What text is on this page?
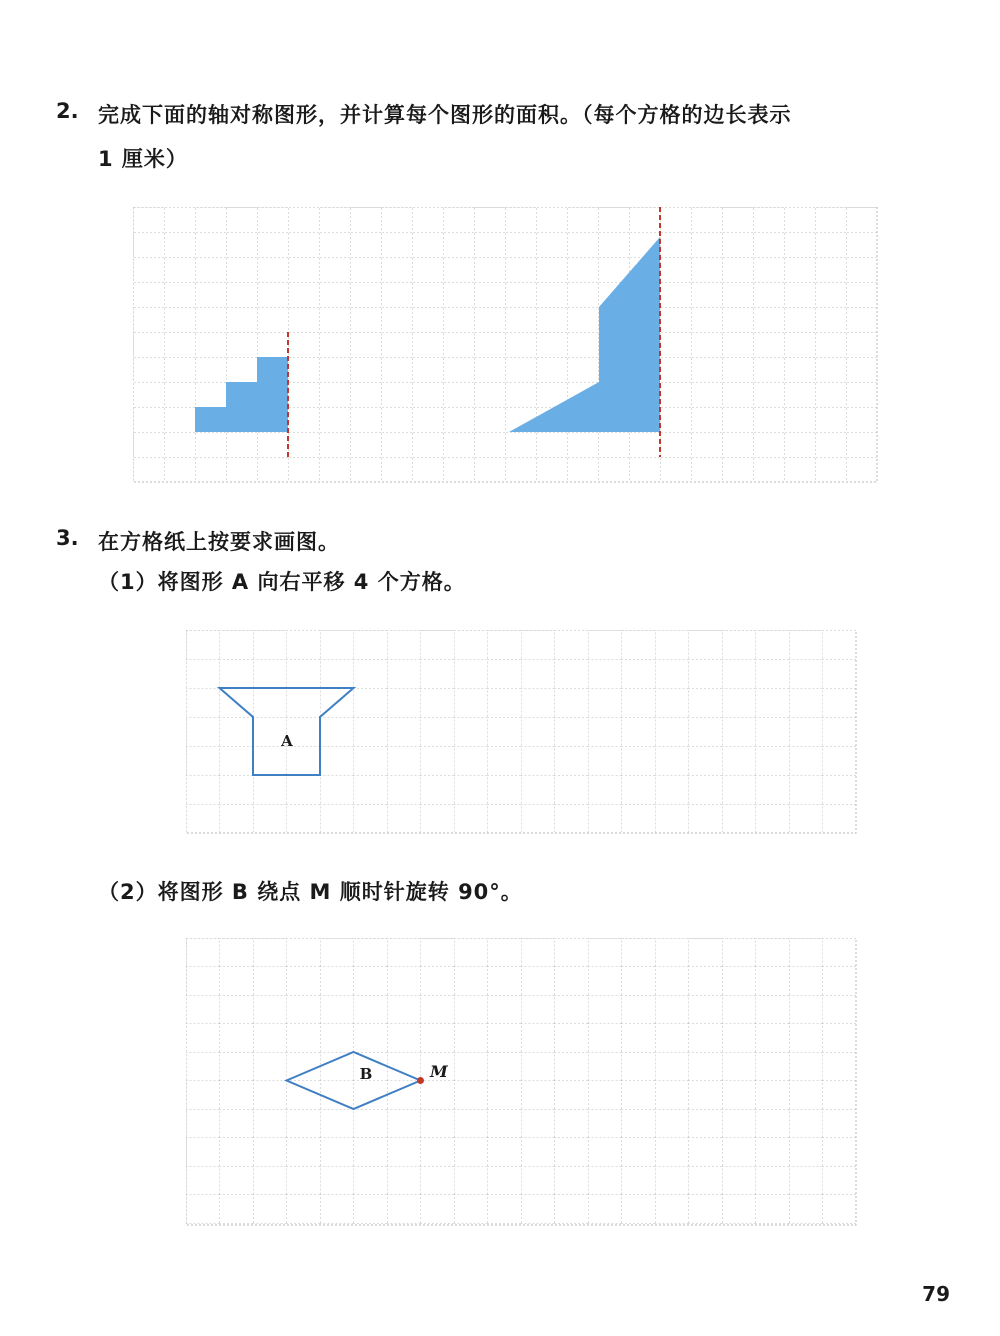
2. 完成下面的轴对称图形，并计算每个图形的面积。（每个方格的边长表示
1 厘米）
3. 在方格纸上按要求画图。
（1）将图形 A 向右平移 4 个方格。
A
（2）将图形 B 绕点 M 顺时针旋转 90°。
B	M
79
